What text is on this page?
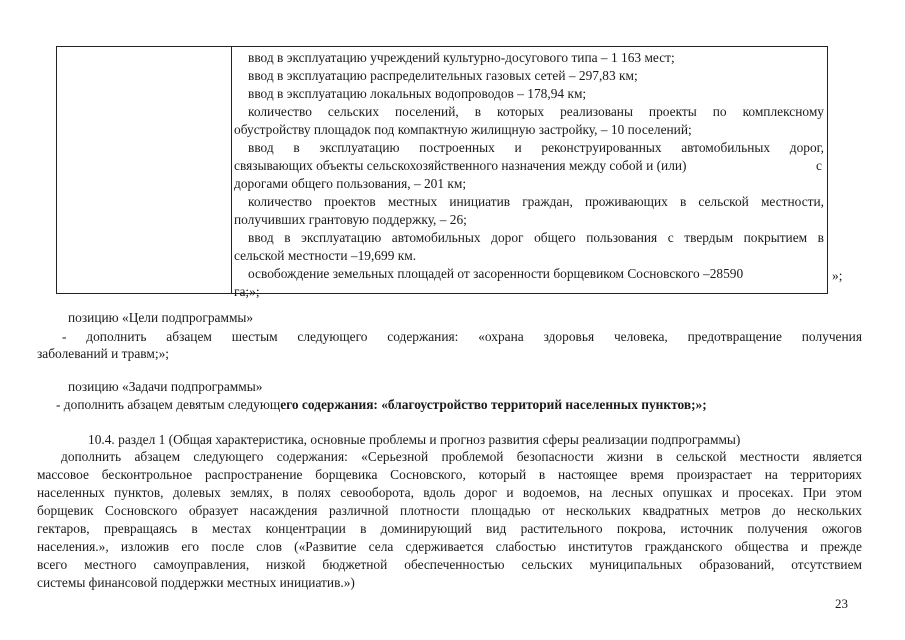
ввод в эксплуатацию учреждений культурно-досугового типа – 1 163 мест;
ввод в эксплуатацию распределительных газовых сетей – 297,83 км;
ввод в эксплуатацию локальных водопроводов – 178,94 км;
количество сельских поселений, в которых реализованы проекты по комплексному
обустройству площадок под компактную жилищную застройку, – 10 поселений;
ввод в эксплуатацию построенных и реконструированных автомобильных дорог,
связывающих объекты сельскохозяйственного назначения между собой и (или)	с
дорогами общего пользования, – 201 км;
количество проектов местных инициатив граждан, проживающих в сельской местности,
получивших грантовую поддержку, – 26;
ввод в эксплуатацию автомобильных дорог общего пользования с твердым покрытием в
сельской местности –19,699 км.
освобождение земельных площадей от засоренности борщевиком Сосновского –28590
га;»;
»;
позицию «Цели подпрограммы»
- дополнить абзацем шестым следующего содержания: «охрана здоровья человека, предотвращение получения
заболеваний и травм;»;
позицию «Задачи подпрограммы»
- дополнить абзацем девятым следующего содержания: «благоустройство территорий населенных пунктов;»;
10.4. раздел 1 (Общая характеристика, основные проблемы и прогноз развития сферы реализации подпрограммы)
дополнить абзацем следующего содержания: «Серьезной проблемой безопасности жизни в сельской местности является
массовое бесконтрольное распространение борщевика Сосновского, который в настоящее время произрастает на территориях
населенных пунктов, долевых землях, в полях севооборота, вдоль дорог и водоемов, на лесных опушках и просеках. При этом
борщевик Сосновского образует насаждения различной плотности площадью от нескольких квадратных метров до нескольких
гектаров, превращаясь в местах концентрации в доминирующий вид растительного покрова, источник получения ожогов
населения.», изложив его после слов («Развитие села сдерживается слабостью институтов гражданского общества и прежде
всего местного самоуправления, низкой бюджетной обеспеченностью сельских муниципальных образований, отсутствием
системы финансовой поддержки местных инициатив.»)
23
